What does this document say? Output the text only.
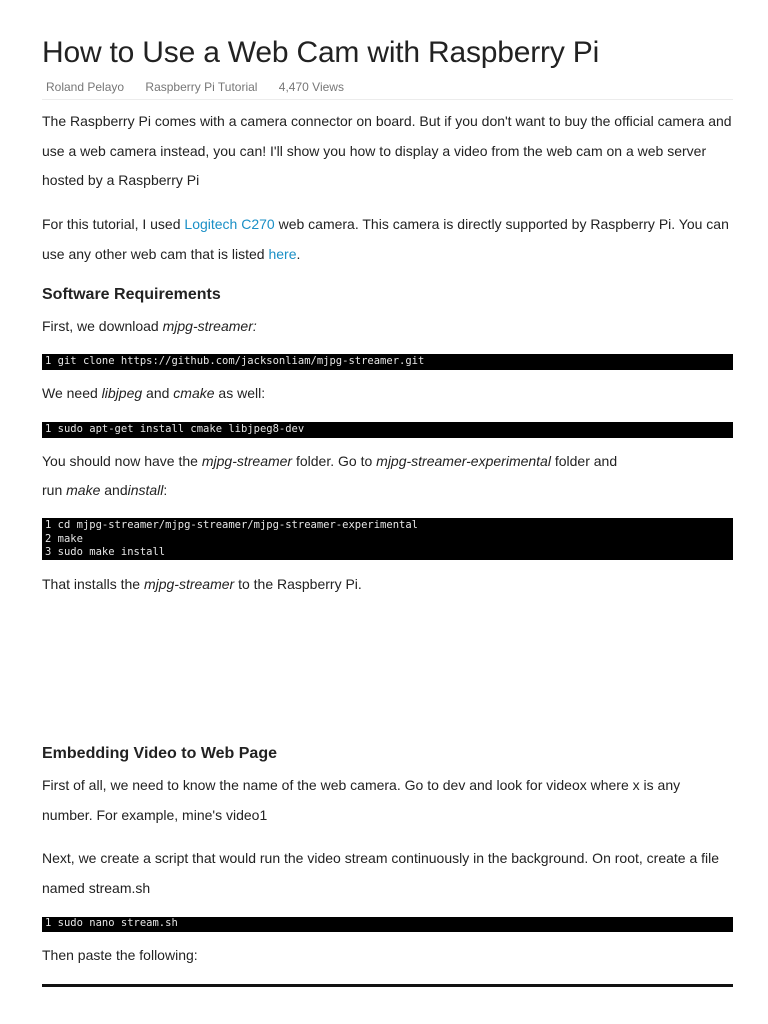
How to Use a Web Cam with Raspberry Pi
Roland Pelayo Raspberry Pi Tutorial 4,470 Views

The Raspberry Pi comes with a camera connector on board. But if you don't want to buy the official camera and use a web camera instead, you can! I'll show you how to display a video from the web cam on a web server hosted by a Raspberry Pi

For this tutorial, I used Logitech C270 web camera. This camera is directly supported by Raspberry Pi. You can use any other web cam that is listed here.

Software Requirements

First, we download mjpg-streamer:

1 git clone https://github.com/jacksonliam/mjpg-streamer.git

We need libjpeg and cmake as well:

1 sudo apt-get install cmake libjpeg8-dev

You should now have the mjpg-streamer folder. Go to mjpg-streamer-experimental folder and
run make andinstall:

1 cd mjpg-streamer/mjpg-streamer/mjpg-streamer-experimental
2 make
3 sudo make install

That installs the mjpg-streamer to the Raspberry Pi.

Embedding Video to Web Page

First of all, we need to know the name of the web camera. Go to dev and look for videox where x is any number. For example, mine's video1

Next, we create a script that would run the video stream continuously in the background. On root, create a file named stream.sh

1 sudo nano stream.sh

Then paste the following:
